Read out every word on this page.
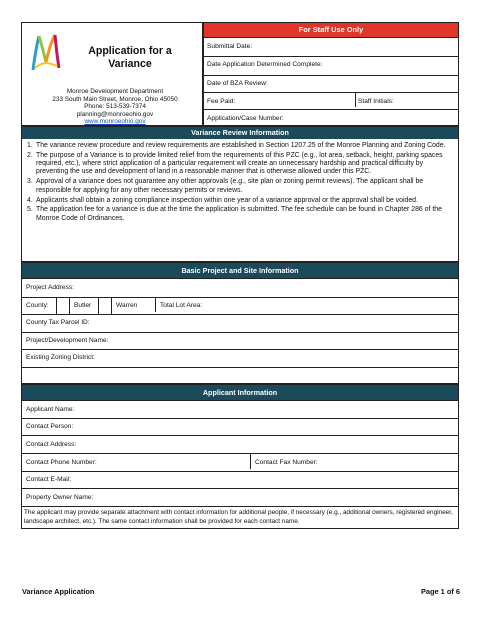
Application for a
Variance
Monroe Development Department
233 South Main Street, Monroe, Ohio 45050
Phone: 513-539-7374
planning@monroeohio.gov
www.monroeohio.gov
For Staff Use Only
Submittal Date:
Date Application Determined Complete:
Date of BZA Review:
Fee Paid:	Staff Initials:
Application/Case Number:
Variance Review Information
1. The variance review procedure and review requirements are established in Section 1207.25 of the Monroe Planning and Zoning Code.
2. The purpose of a Variance is to provide limited relief from the requirements of this PZC (e.g., lot area, setback, height, parking spaces required, etc.), where strict application of a particular requirement will create an unnecessary hardship and practical difficulty by preventing the use and development of land in a reasonable manner that is otherwise allowed under this PZC.
3. Approval of a variance does not guarantee any other approvals (e.g., site plan or zoning permit reviews). The applicant shall be responsible for applying for any other necessary permits or reviews.
4. Applicants shall obtain a zoning compliance inspection within one year of a variance approval or the approval shall be voided.
5. The application fee for a variance is due at the time the application is submitted. The fee schedule can be found in Chapter 286 of the Monroe Code of Ordinances.
Basic Project and Site Information
Project Address:
County:	Butler	Warren	Total Lot Area:
County Tax Parcel ID:
Project/Development Name:
Existing Zoning District:
Applicant Information
Applicant Name:
Contact Person:
Contact Address:
Contact Phone Number:	Contact Fax Number:
Contact E-Mail:
Property Owner Name:
The applicant may provide separate attachment with contact information for additional people, if necessary (e.g., additional owners, registered engineer, landscape architect, etc.). The same contact information shall be provided for each contact name.
Variance Application	Page 1 of 6
